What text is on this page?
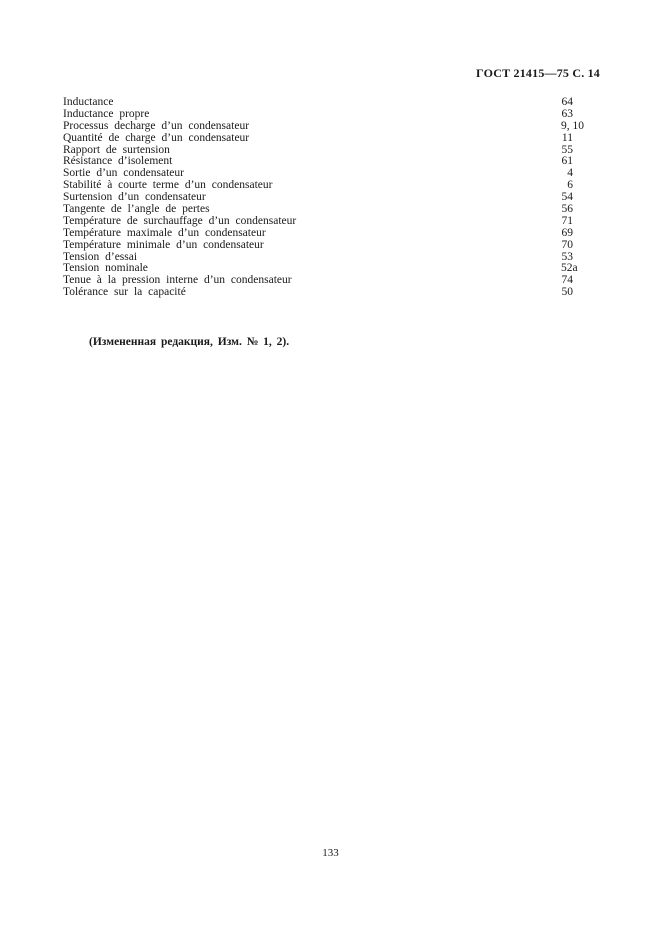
ГОСТ 21415—75 С. 14
Inductance	64
Inductance propre	63
Processus decharge d’un condensateur	9, 10
Quantité de charge d’un condensateur	11
Rapport de surtension	55
Résistance d’isolement	61
Sortie d’un condensateur	4
Stabilité à courte terme d’un condensateur	6
Surtension d’un condensateur	54
Tangente de l’angle de pertes	56
Température de surchauffage d’un condensateur	71
Température maximale d’un condensateur	69
Température minimale d’un condensateur	70
Tension d’essai	53
Tension nominale	52a
Tenue à la pression interne d’un condensateur	74
Tolérance sur la capacité	50
(Измененная редакция, Изм. № 1, 2).
133
